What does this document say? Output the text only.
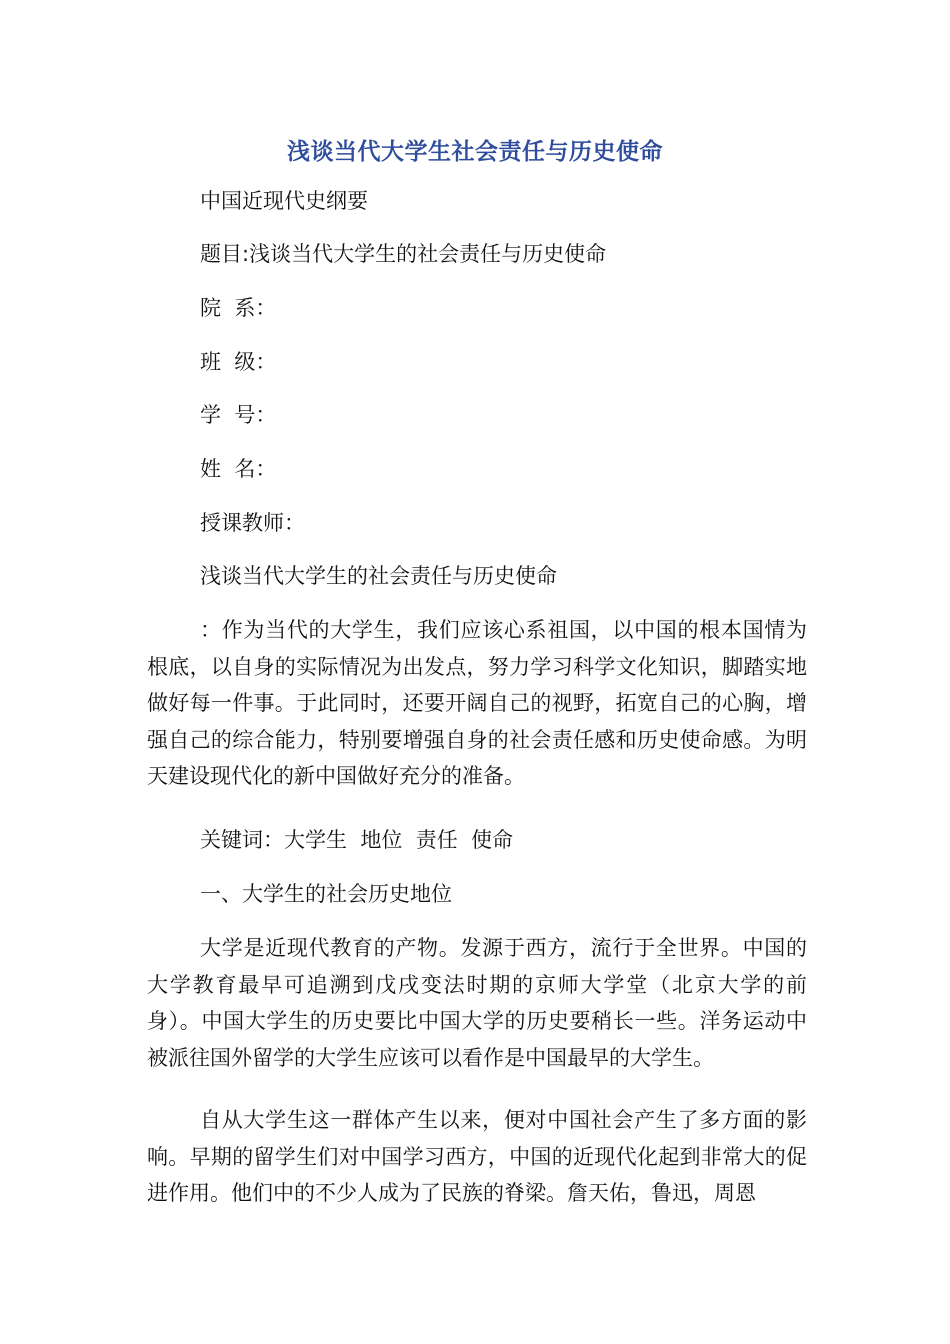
浅谈当代大学生社会责任与历史使命
中国近现代史纲要
题目:浅谈当代大学生的社会责任与历史使命
院  系：
班  级：
学  号：
姓  名：
授课教师：
浅谈当代大学生的社会责任与历史使命
：作为当代的大学生，我们应该心系祖国，以中国的根本国情为根底，以自身的实际情况为出发点，努力学习科学文化知识，脚踏实地做好每一件事。于此同时，还要开阔自己的视野，拓宽自己的心胸，增强自己的综合能力，特别要增强自身的社会责任感和历史使命感。为明天建设现代化的新中国做好充分的准备。
关键词：大学生  地位  责任  使命
一、大学生的社会历史地位
大学是近现代教育的产物。发源于西方，流行于全世界。中国的大学教育最早可追溯到戊戌变法时期的京师大学堂（北京大学的前身）。中国大学生的历史要比中国大学的历史要稍长一些。洋务运动中被派往国外留学的大学生应该可以看作是中国最早的大学生。
自从大学生这一群体产生以来，便对中国社会产生了多方面的影响。早期的留学生们对中国学习西方，中国的近现代化起到非常大的促进作用。他们中的不少人成为了民族的脊梁。詹天佑，鲁迅，周恩
